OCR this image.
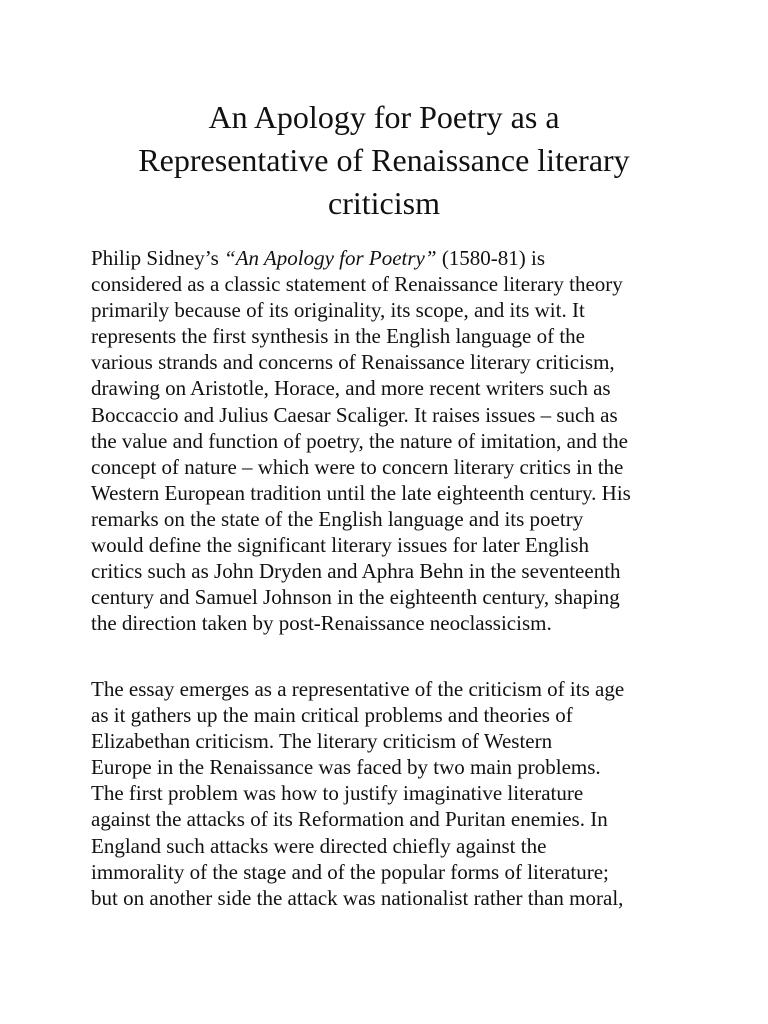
An Apology for Poetry as a
Representative of Renaissance literary
criticism
Philip Sidney’s “An Apology for Poetry” (1580-81) is
considered as a classic statement of Renaissance literary theory
primarily because of its originality, its scope, and its wit. It
represents the first synthesis in the English language of the
various strands and concerns of Renaissance literary criticism,
drawing on Aristotle, Horace, and more recent writers such as
Boccaccio and Julius Caesar Scaliger. It raises issues – such as
the value and function of poetry, the nature of imitation, and the
concept of nature – which were to concern literary critics in the
Western European tradition until the late eighteenth century. His
remarks on the state of the English language and its poetry
would define the significant literary issues for later English
critics such as John Dryden and Aphra Behn in the seventeenth
century and Samuel Johnson in the eighteenth century, shaping
the direction taken by post-Renaissance neoclassicism.
The essay emerges as a representative of the criticism of its age
as it gathers up the main critical problems and theories of
Elizabethan criticism. The literary criticism of Western
Europe in the Renaissance was faced by two main problems.
The first problem was how to justify imaginative literature
against the attacks of its Reformation and Puritan enemies. In
England such attacks were directed chiefly against the
immorality of the stage and of the popular forms of literature;
but on another side the attack was nationalist rather than moral,
